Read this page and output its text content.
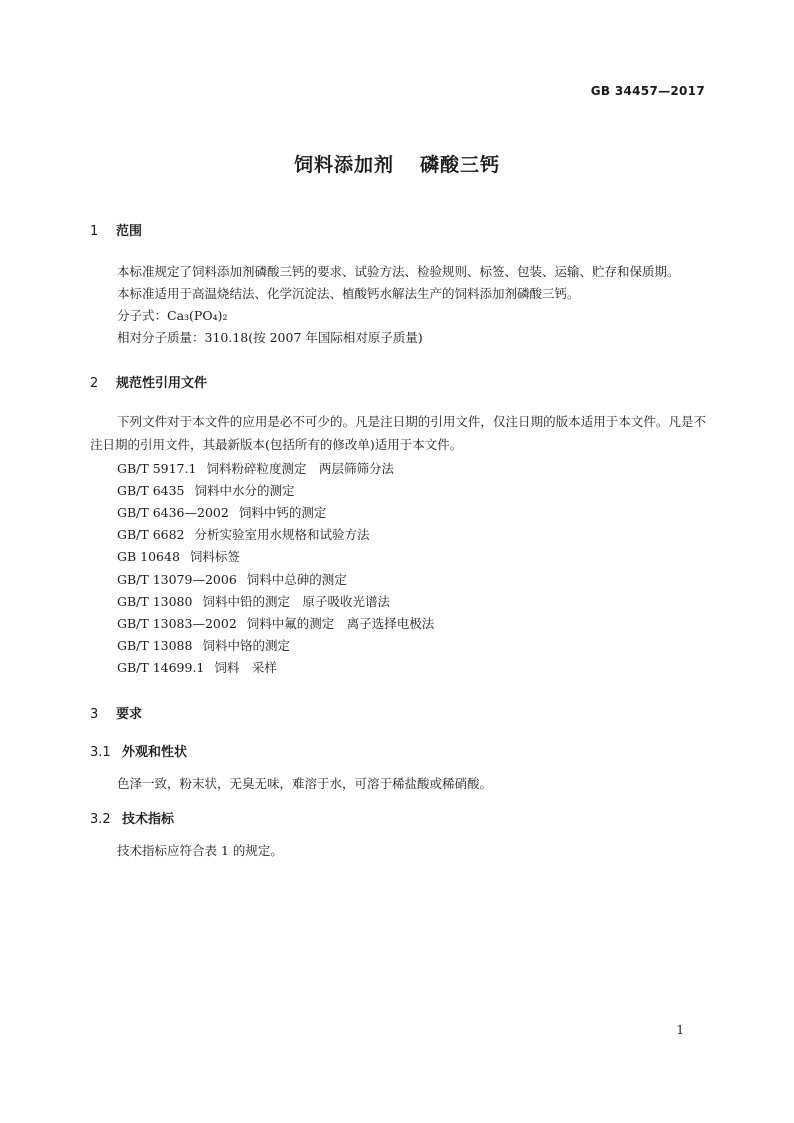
GB 34457—2017
饲料添加剂 磷酸三钙
1 范围
本标准规定了饲料添加剂磷酸三钙的要求、试验方法、检验规则、标签、包装、运输、贮存和保质期。
本标准适用于高温烧结法、化学沉淀法、植酸钙水解法生产的饲料添加剂磷酸三钙。
分子式：Ca₃(PO₄)₂
相对分子质量：310.18(按 2007 年国际相对原子质量)
2 规范性引用文件
下列文件对于本文件的应用是必不可少的。凡是注日期的引用文件，仅注日期的版本适用于本文件。凡是不注日期的引用文件，其最新版本(包括所有的修改单)适用于本文件。
GB/T 5917.1 饲料粉碎粒度测定　两层筛筛分法
GB/T 6435 饲料中水分的测定
GB/T 6436—2002 饲料中钙的测定
GB/T 6682 分析实验室用水规格和试验方法
GB 10648 饲料标签
GB/T 13079—2006 饲料中总砷的测定
GB/T 13080 饲料中铅的测定　原子吸收光谱法
GB/T 13083—2002 饲料中氟的测定　离子选择电极法
GB/T 13088 饲料中铬的测定
GB/T 14699.1 饲料　采样
3 要求
3.1 外观和性状
色泽一致，粉末状，无臭无味，难溶于水，可溶于稀盐酸或稀硝酸。
3.2 技术指标
技术指标应符合表 1 的规定。
1
